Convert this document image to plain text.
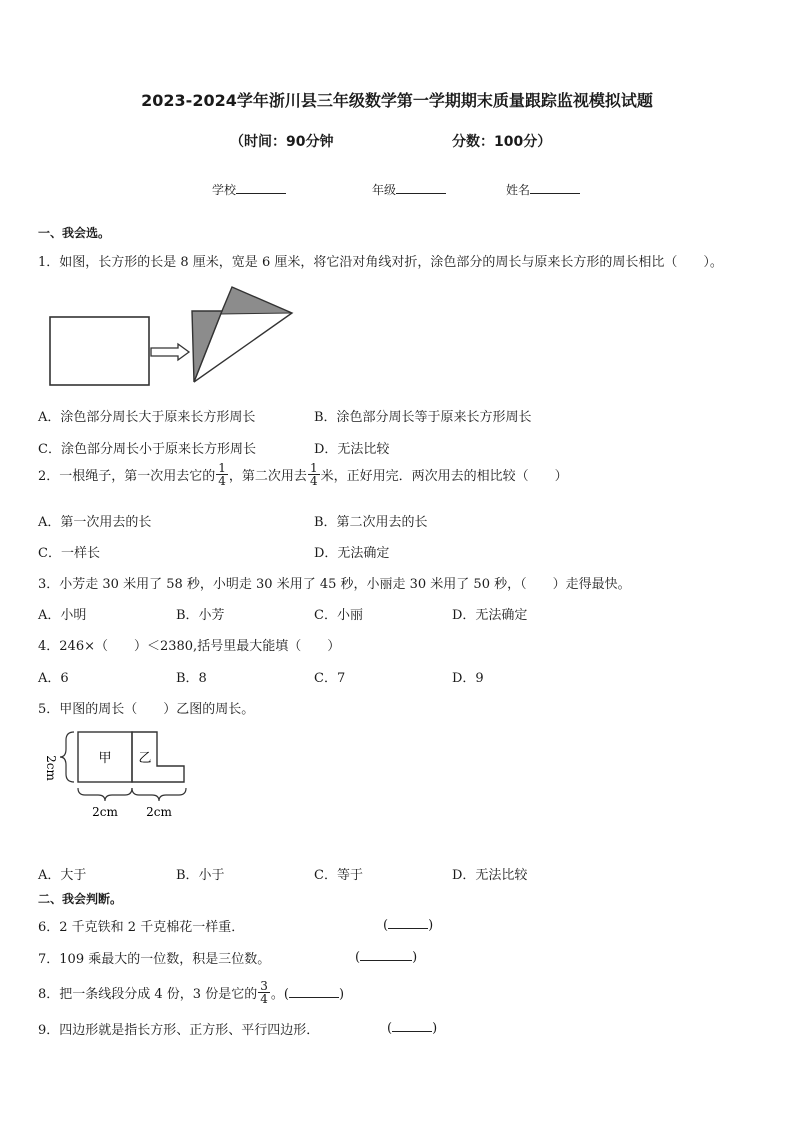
2023-2024学年浙川县三年级数学第一学期期末质量跟踪监视模拟试题
（时间：90分钟	分数：100分）
学校	年级	姓名
一、我会选。
1．如图，长方形的长是 8 厘米，宽是 6 厘米，将它沿对角线对折，涂色部分的周长与原来长方形的周长相比（　　）。
A．涂色部分周长大于原来长方形周长	B．涂色部分周长等于原来长方形周长
C．涂色部分周长小于原来长方形周长	D．无法比较
2．一根绳子，第一次用去它的 $\frac{1}{4}$ ，第二次用去 $\frac{1}{4}$ 米，正好用完．两次用去的相比较（　　）
A．第一次用去的长	B．第二次用去的长
C．一样长	D．无法确定
3．小芳走 30 米用了 58 秒，小明走 30 米用了 45 秒，小丽走 30 米用了 50 秒，（　　）走得最快。
A．小明	B．小芳	C．小丽	D．无法确定
4．246×（　　）＜2380,括号里最大能填（　　）
A．6	B．8	C．7	D．9
5．甲图的周长（　　）乙图的周长。
2cm	甲 乙
2cm 2cm
A．大于	B．小于	C．等于	D．无法比较
二、我会判断。
6．2 千克铁和 2 千克棉花一样重．	(	)
7．109 乘最大的一位数，积是三位数。	(	)
8．把一条线段分成 4 份，3 份是它的 $\frac{3}{4}$ 。(	)
9．四边形就是指长方形、正方形、平行四边形．	(	)
